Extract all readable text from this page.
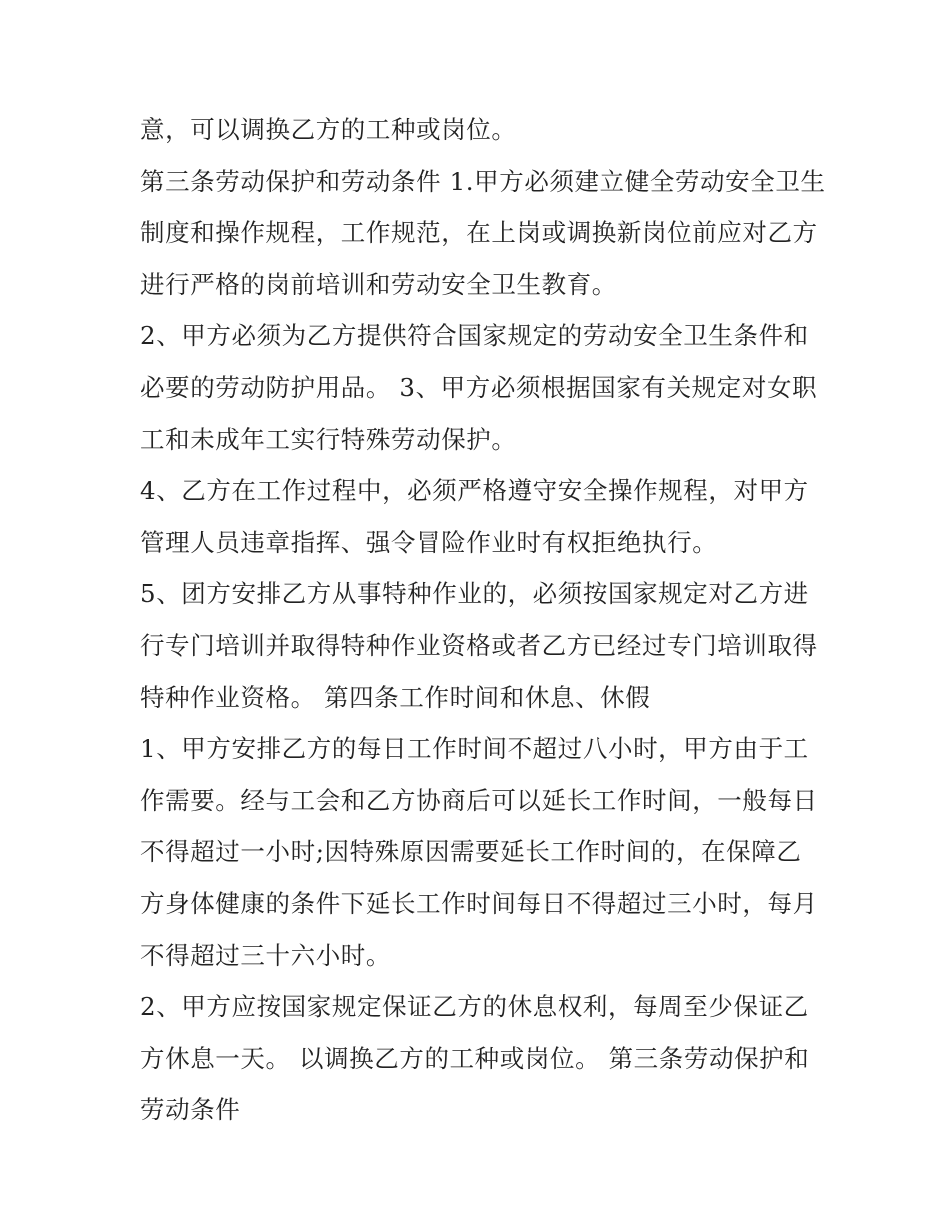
意，可以调换乙方的工种或岗位。
第三条劳动保护和劳动条件 1.甲方必须建立健全劳动安全卫生
制度和操作规程，工作规范，在上岗或调换新岗位前应对乙方
进行严格的岗前培训和劳动安全卫生教育。
2、甲方必须为乙方提供符合国家规定的劳动安全卫生条件和
必要的劳动防护用品。 3、甲方必须根据国家有关规定对女职
工和未成年工实行特殊劳动保护。
4、乙方在工作过程中，必须严格遵守安全操作规程，对甲方
管理人员违章指挥、强令冒险作业时有权拒绝执行。
5、团方安排乙方从事特种作业的，必须按国家规定对乙方进
行专门培训并取得特种作业资格或者乙方已经过专门培训取得
特种作业资格。 第四条工作时间和休息、休假
1、甲方安排乙方的每日工作时间不超过八小时，甲方由于工
作需要。经与工会和乙方协商后可以延长工作时间，一般每日
不得超过一小时;因特殊原因需要延长工作时间的，在保障乙
方身体健康的条件下延长工作时间每日不得超过三小时，每月
不得超过三十六小时。
2、甲方应按国家规定保证乙方的休息权利，每周至少保证乙
方休息一天。 以调换乙方的工种或岗位。 第三条劳动保护和
劳动条件
